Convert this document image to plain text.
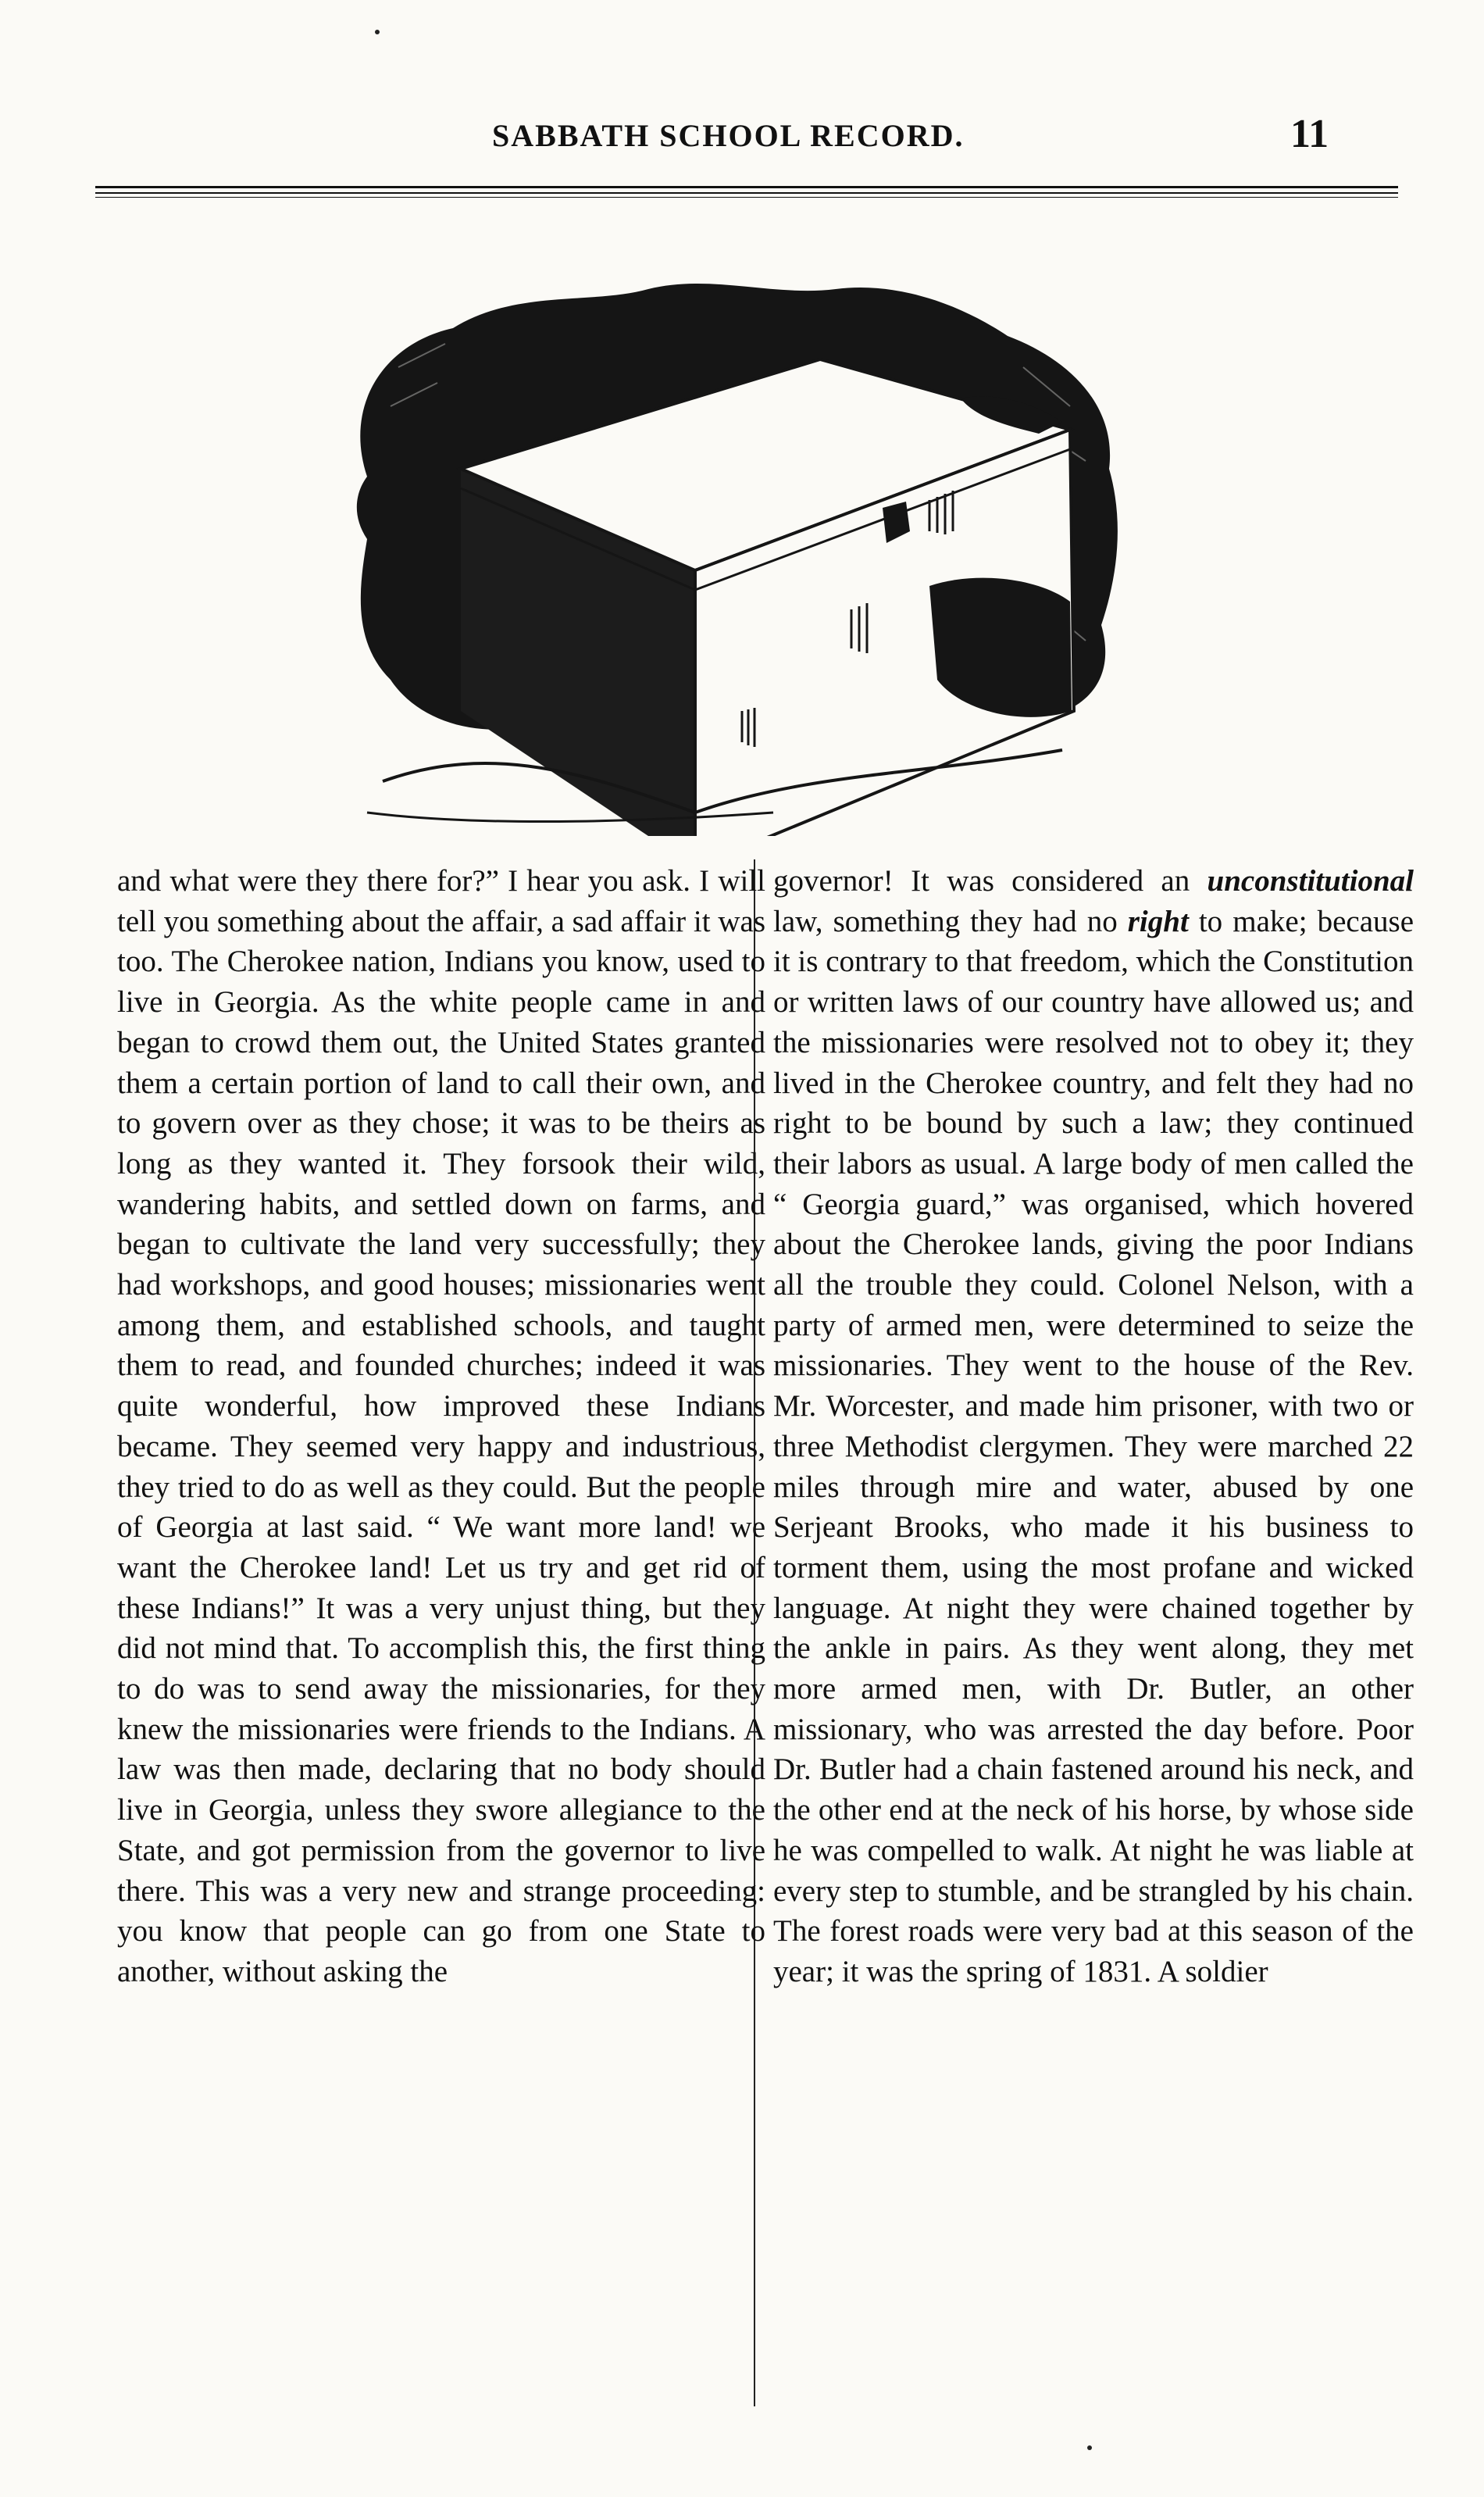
SABBATH SCHOOL RECORD.	11

and what were they there for?” I hear you ask. I will tell you something about the affair, a sad affair it was too. The Cherokee nation, Indians you know, used to live in Georgia. As the white people came in and began to crowd them out, the United States granted them a certain portion of land to call their own, and to govern over as they chose; it was to be theirs as long as they wanted it. They forsook their wild, wandering habits, and settled down on farms, and began to cultivate the land very successfully; they had workshops, and good houses; missionaries went among them, and established schools, and taught them to read, and founded churches; indeed it was quite wonderful, how improved these Indians became. They seemed very happy and industrious, they tried to do as well as they could. But the people of Georgia at last said. “ We want more land! we want the Cherokee land! Let us try and get rid of these Indians!” It was a very unjust thing, but they did not mind that. To accomplish this, the first thing to do was to send away the missionaries, for they knew the missionaries were friends to the Indians. A law was then made, declaring that no body should live in Georgia, unless they swore allegiance to the State, and got permission from the governor to live there. This was a very new and strange proceeding: you know that people can go from one State to another, without asking the

governor! It was considered an unconstitutional law, something they had no right to make; because it is contrary to that freedom, which the Constitution or written laws of our country have allowed us; and the missionaries were resolved not to obey it; they lived in the Cherokee country, and felt they had no right to be bound by such a law; they continued their labors as usual. A large body of men called the “ Georgia guard,” was organised, which hovered about the Cherokee lands, giving the poor Indians all the trouble they could. Colonel Nelson, with a party of armed men, were determined to seize the missionaries. They went to the house of the Rev. Mr. Worcester, and made him prisoner, with two or three Methodist clergymen. They were marched 22 miles through mire and water, abused by one Serjeant Brooks, who made it his business to torment them, using the most profane and wicked language. At night they were chained together by the ankle in pairs. As they went along, they met more armed men, with Dr. Butler, an other missionary, who was arrested the day before. Poor Dr. Butler had a chain fastened around his neck, and the other end at the neck of his horse, by whose side he was compelled to walk. At night he was liable at every step to stumble, and be strangled by his chain. The forest roads were very bad at this season of the year; it was the spring of 1831. A soldier
